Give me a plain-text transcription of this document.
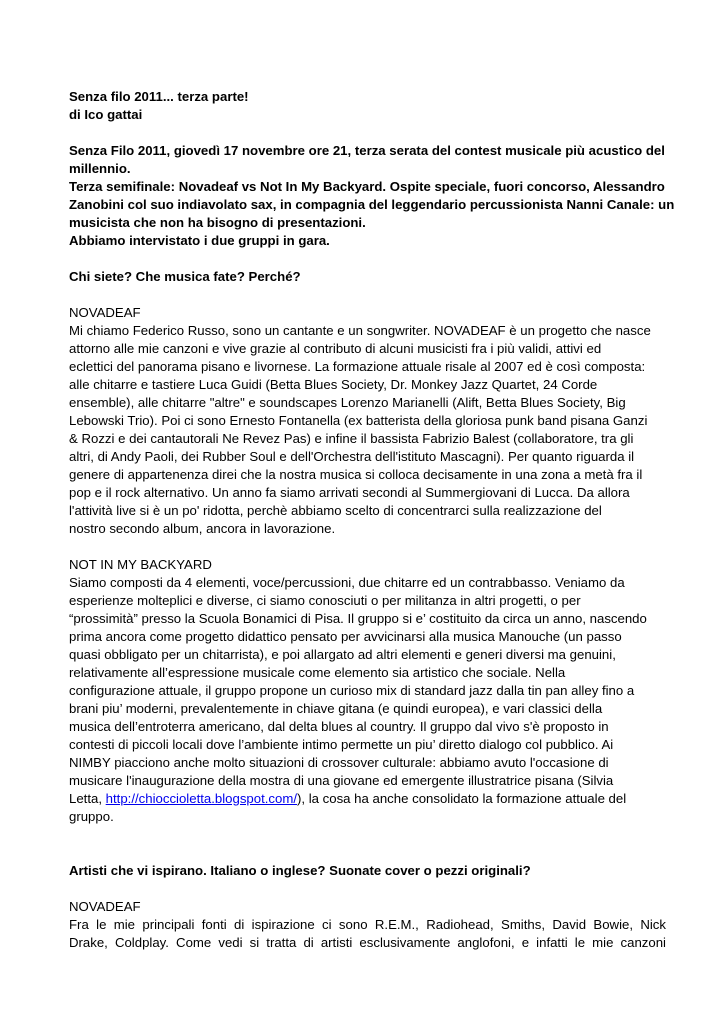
Senza filo 2011... terza parte!
di Ico gattai
Senza Filo 2011, giovedì 17 novembre ore 21, terza serata del contest musicale più acustico del
millennio.
Terza semifinale: Novadeaf vs Not In My Backyard. Ospite speciale, fuori concorso, Alessandro
Zanobini col suo indiavolato sax, in compagnia del leggendario percussionista Nanni Canale: un
musicista che non ha bisogno di presentazioni.
Abbiamo intervistato i due gruppi in gara.
Chi siete? Che musica fate? Perché?
NOVADEAF
Mi chiamo Federico Russo, sono un cantante e un songwriter. NOVADEAF è un progetto che nasce
attorno alle mie canzoni e vive grazie al contributo di alcuni musicisti fra i più validi, attivi ed
eclettici del panorama pisano e livornese. La formazione attuale risale al 2007 ed è così composta:
alle chitarre e tastiere Luca Guidi (Betta Blues Society, Dr. Monkey Jazz Quartet, 24 Corde
ensemble), alle chitarre "altre" e soundscapes Lorenzo Marianelli (Alift, Betta Blues Society, Big
Lebowski Trio). Poi ci sono Ernesto Fontanella (ex batterista della gloriosa punk band pisana Ganzi
& Rozzi e dei cantautorali Ne Revez Pas) e infine il bassista Fabrizio Balest (collaboratore, tra gli
altri, di Andy Paoli, dei Rubber Soul e dell'Orchestra dell'istituto Mascagni). Per quanto riguarda il
genere di appartenenza direi che la nostra musica si colloca decisamente in una zona a metà fra il
pop e il rock alternativo. Un anno fa siamo arrivati secondi al Summergiovani di Lucca. Da allora
l'attività live si è un po' ridotta, perchè abbiamo scelto di concentrarci sulla realizzazione del
nostro secondo album, ancora in lavorazione.
NOT IN MY BACKYARD
Siamo composti da 4 elementi, voce/percussioni, due chitarre ed un contrabbasso. Veniamo da
esperienze molteplici e diverse, ci siamo conosciuti o per militanza in altri progetti, o per
“prossimità” presso la Scuola Bonamici di Pisa. Il gruppo si e’ costituito da circa un anno, nascendo
prima ancora come progetto didattico pensato per avvicinarsi alla musica Manouche (un passo
quasi obbligato per un chitarrista), e poi allargato ad altri elementi e generi diversi ma genuini,
relativamente all’espressione musicale come elemento sia artistico che sociale. Nella
configurazione attuale, il gruppo propone un curioso mix di standard jazz dalla tin pan alley fino a
brani piu’ moderni, prevalentemente in chiave gitana (e quindi europea), e vari classici della
musica dell’entroterra americano, dal delta blues al country. Il gruppo dal vivo s'è proposto in
contesti di piccoli locali dove l’ambiente intimo permette un piu’ diretto dialogo col pubblico. Ai
NIMBY piacciono anche molto situazioni di crossover culturale: abbiamo avuto l'occasione di
musicare l'inaugurazione della mostra di una giovane ed emergente illustratrice pisana (Silvia
Letta, http://chioccioletta.blogspot.com/), la cosa ha anche consolidato la formazione attuale del
gruppo.
Artisti che vi ispirano. Italiano o inglese? Suonate cover o pezzi originali?
NOVADEAF
Fra le mie principali fonti di ispirazione ci sono R.E.M., Radiohead, Smiths, David Bowie, Nick
Drake, Coldplay. Come vedi si tratta di artisti esclusivamente anglofoni, e infatti le mie canzoni
